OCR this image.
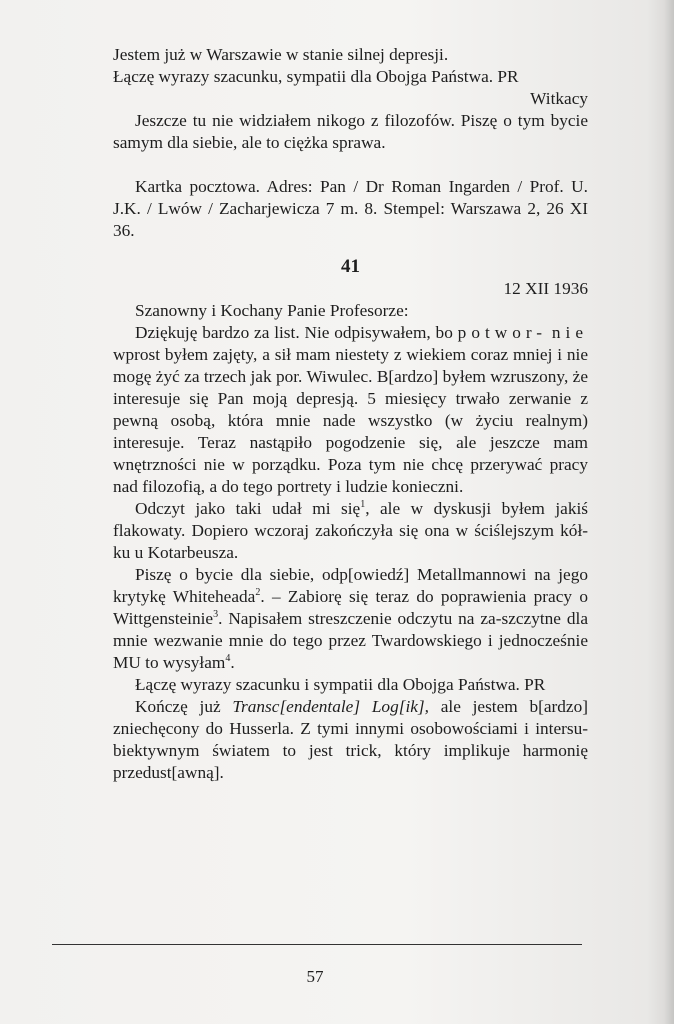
Jestem już w Warszawie w stanie silnej depresji.

Łączę wyrazy szacunku, sympatii dla Obojga Państwa. PR

Witkacy

Jeszcze tu nie widziałem nikogo z filozofów. Piszę o tym bycie samym dla siebie, ale to ciężka sprawa.

Kartka pocztowa. Adres: Pan / Dr Roman Ingarden / Prof. U. J.K. / Lwów / Zacharjewicza 7 m. 8. Stempel: Warszawa 2, 26 XI 36.

41

12 XII 1936

Szanowny i Kochany Panie Profesorze:

Dziękuję bardzo za list. Nie odpisywałem, bo potwor- nie wprost byłem zajęty, a sił mam niestety z wiekiem coraz mniej i nie mogę żyć za trzech jak por. Wiwulec. B[ardzo] byłem wzruszony, że interesuje się Pan moją depresją. 5 miesięcy trwało zerwanie z pewną osobą, która mnie nade wszystko (w życiu realnym) interesuje. Teraz nastąpiło pogodzenie się, ale jeszcze mam wnętrzności nie w porządku. Poza tym nie chcę przerywać pracy nad filozofią, a do tego portrety i ludzie konieczni.

Odczyt jako taki udał mi się$^1$, ale w dyskusji byłem jakiś flakowaty. Dopiero wczoraj zakończyła się ona w ściślejszym kół-ku u Kotarbeusza.

Piszę o bycie dla siebie, odp[owiedź] Metallmannowi na jego krytykę Whiteheada$^2$. – Zabiorę się teraz do poprawienia pracy o Wittgensteinie$^3$. Napisałem streszczenie odczytu na za-szczytne dla mnie wezwanie mnie do tego przez Twardowskiego i jednocześnie MU to wysyłam$^4$.

Łączę wyrazy szacunku i sympatii dla Obojga Państwa. PR

Kończę już Transc[endentale] Log[ik], ale jestem b[ardzo] zniechęcony do Husserla. Z tymi innymi osobowościami i intersu-biektywnym światem to jest trick, który implikuje harmonię przedust[awną].

57
